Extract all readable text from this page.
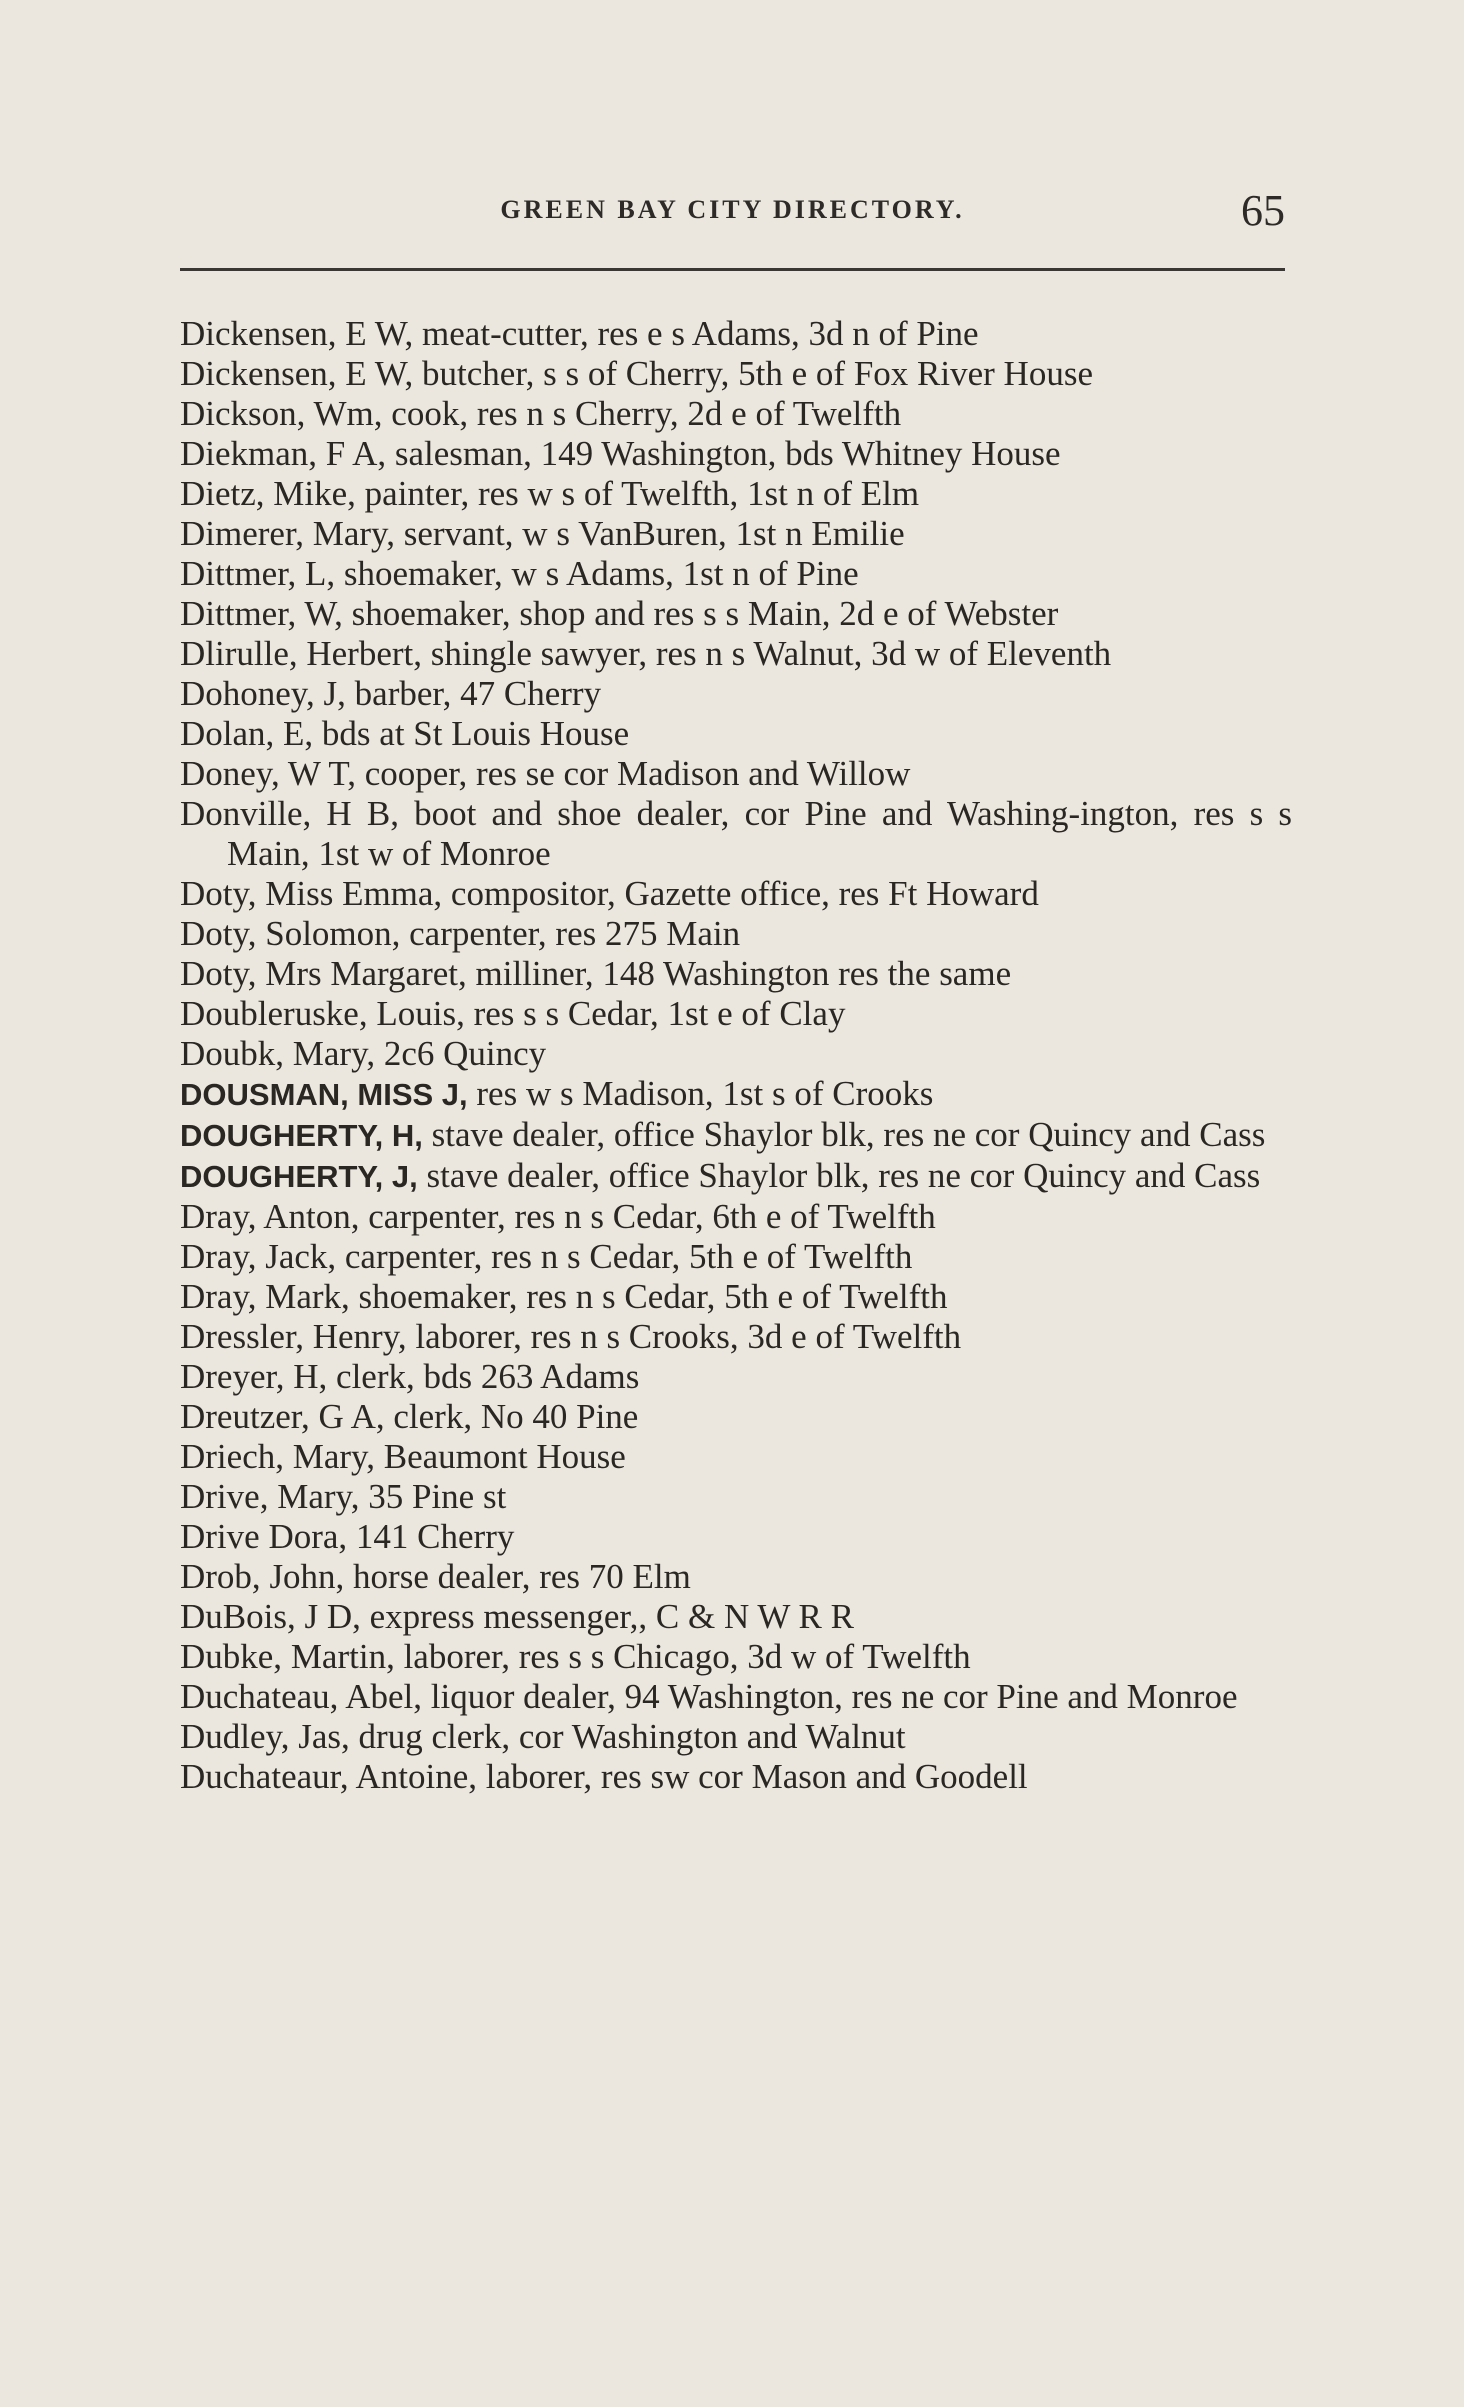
GREEN BAY CITY DIRECTORY.	65

Dickensen, E W, meat-cutter, res e s Adams, 3d n of Pine

Dickensen, E W, butcher, s s of Cherry, 5th e of Fox River House

Dickson, Wm, cook, res n s Cherry, 2d e of Twelfth

Diekman, F A, salesman, 149 Washington, bds Whitney House

Dietz, Mike, painter, res w s of Twelfth, 1st n of Elm

Dimerer, Mary, servant, w s VanBuren, 1st n Emilie

Dittmer, L, shoemaker, w s Adams, 1st n of Pine

Dittmer, W, shoemaker, shop and res s s Main, 2d e of Webster

Dlirulle, Herbert, shingle sawyer, res n s Walnut, 3d w of Eleventh

Dohoney, J, barber, 47 Cherry

Dolan, E, bds at St Louis House

Doney, W T, cooper, res se cor Madison and Willow

Donville, H B, boot and shoe dealer, cor Pine and Washing-ington, res s s Main, 1st w of Monroe

Doty, Miss Emma, compositor, Gazette office, res Ft Howard

Doty, Solomon, carpenter, res 275 Main

Doty, Mrs Margaret, milliner, 148 Washington res the same

Doubleruske, Louis, res s s Cedar, 1st e of Clay

Doubk, Mary, 2c6 Quincy

DOUSMAN, MISS J, res w s Madison, 1st s of Crooks

DOUGHERTY, H, stave dealer, office Shaylor blk, res ne cor Quincy and Cass

DOUGHERTY, J, stave dealer, office Shaylor blk, res ne cor Quincy and Cass

Dray, Anton, carpenter, res n s Cedar, 6th e of Twelfth

Dray, Jack, carpenter, res n s Cedar, 5th e of Twelfth

Dray, Mark, shoemaker, res n s Cedar, 5th e of Twelfth

Dressler, Henry, laborer, res n s Crooks, 3d e of Twelfth

Dreyer, H, clerk, bds 263 Adams

Dreutzer, G A, clerk, No 40 Pine

Driech, Mary, Beaumont House

Drive, Mary, 35 Pine st

Drive Dora, 141 Cherry

Drob, John, horse dealer, res 70 Elm

DuBois, J D, express messenger,, C & N W R R

Dubke, Martin, laborer, res s s Chicago, 3d w of Twelfth

Duchateau, Abel, liquor dealer, 94 Washington, res ne cor Pine and Monroe

Dudley, Jas, drug clerk, cor Washington and Walnut

Duchateaur, Antoine, laborer, res sw cor Mason and Goodell
